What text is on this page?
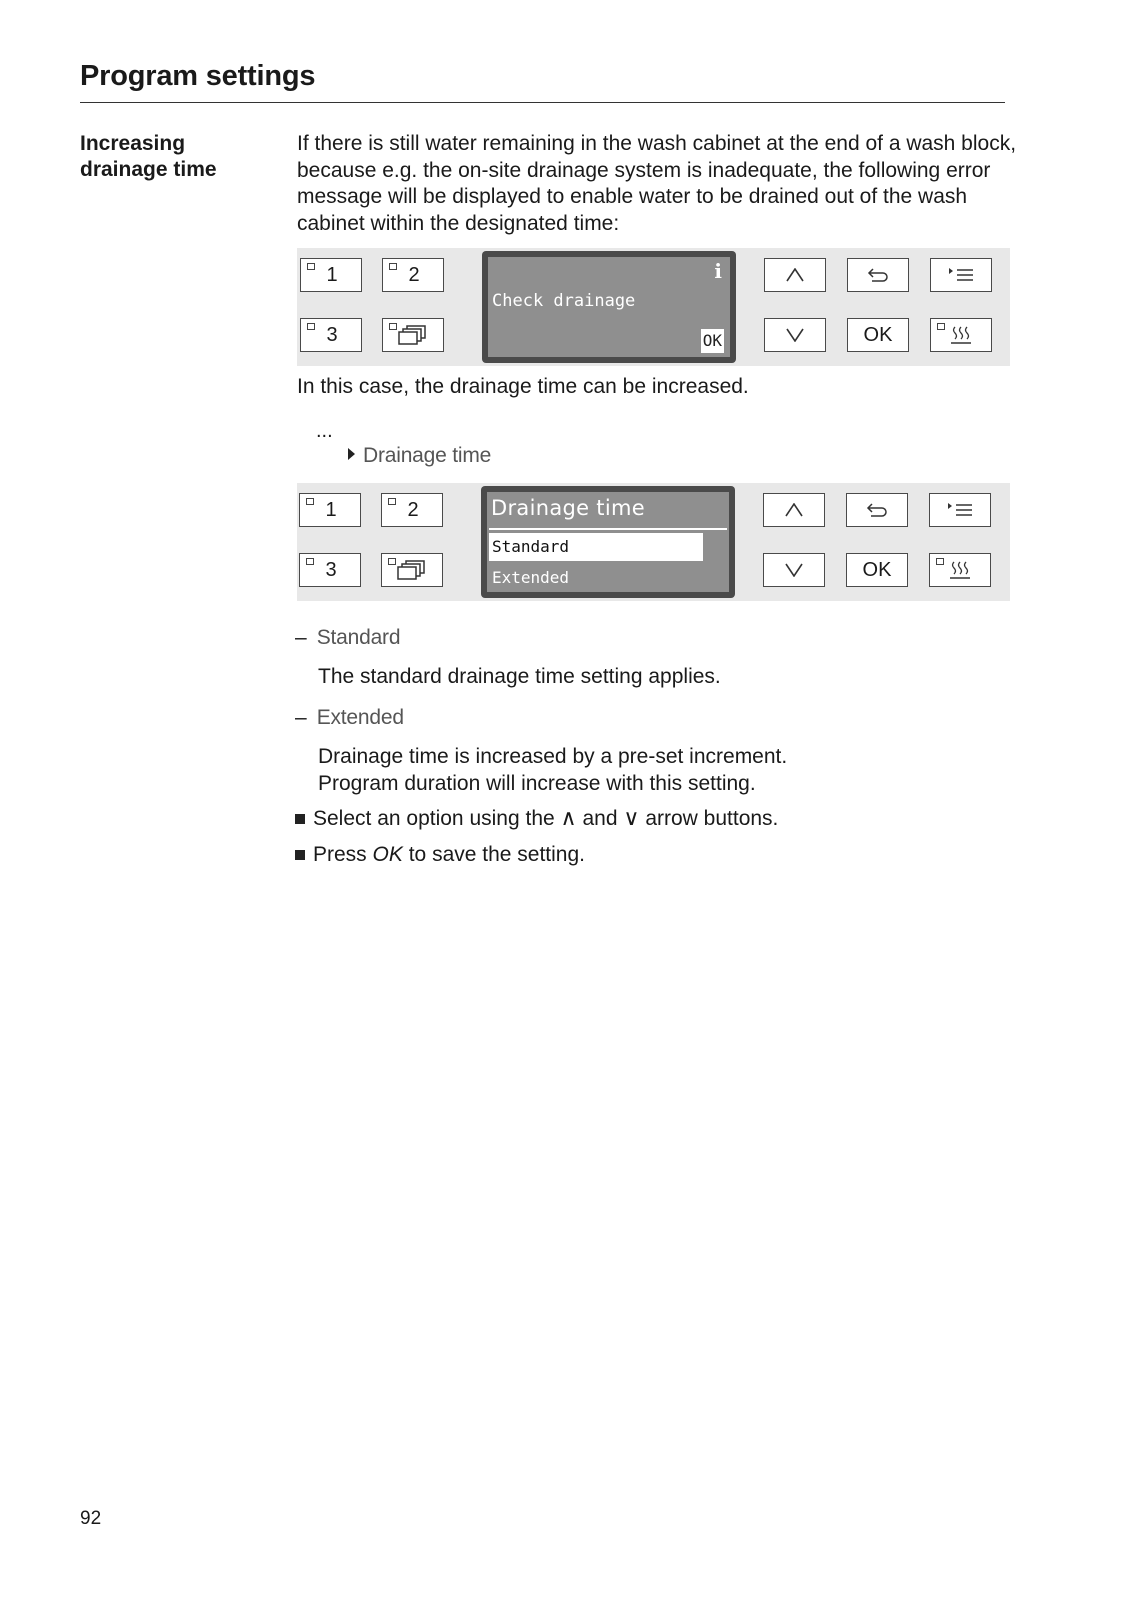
Program settings
Increasing
drainage time
If there is still water remaining in the wash cabinet at the end of a wash block, because e.g. the on-site drainage system is inadequate, the following error message will be displayed to enable water to be drained out of the wash cabinet within the designated time:
1	2
3
i
Check drainage
OK	OK
In this case, the drainage time can be increased.
...
Drainage time
1	2
3
Drainage time
Standard
Extended	OK
– Standard
The standard drainage time setting applies.
– Extended
Drainage time is increased by a pre-set increment.
Program duration will increase with this setting.
Select an option using the ∧ and ∨ arrow buttons.
Press OK to save the setting.
92
